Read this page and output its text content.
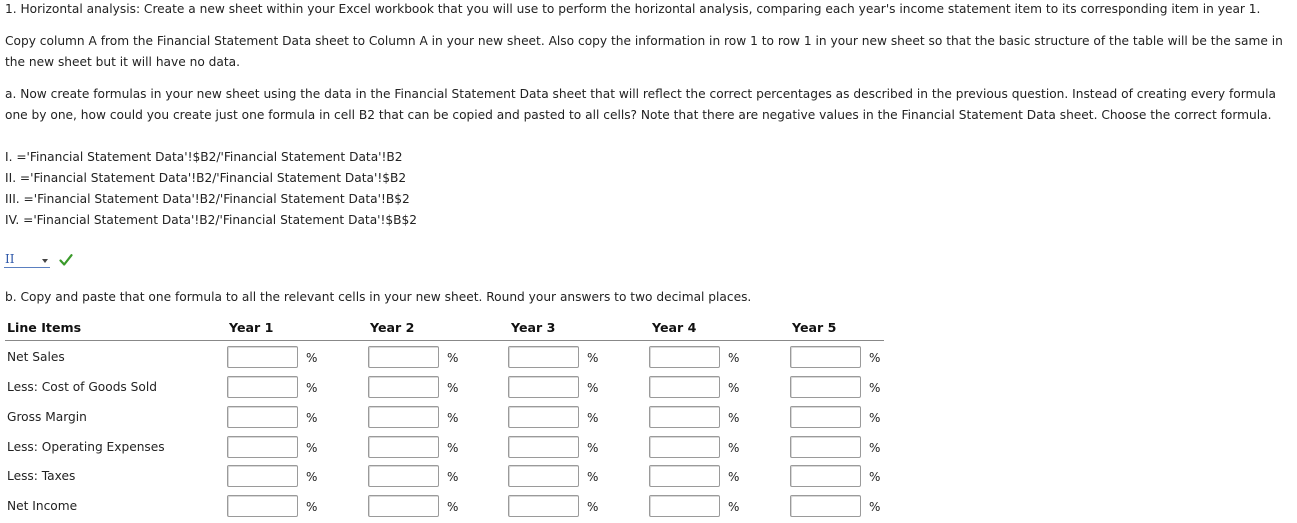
1. Horizontal analysis: Create a new sheet within your Excel workbook that you will use to perform the horizontal analysis, comparing each year's income statement item to its corresponding item in year 1.

Copy column A from the Financial Statement Data sheet to Column A in your new sheet. Also copy the information in row 1 to row 1 in your new sheet so that the basic structure of the table will be the same in the new sheet but it will have no data.

a. Now create formulas in your new sheet using the data in the Financial Statement Data sheet that will reflect the correct percentages as described in the previous question. Instead of creating every formula one by one, how could you create just one formula in cell B2 that can be copied and pasted to all cells? Note that there are negative values in the Financial Statement Data sheet. Choose the correct formula.

I. ='Financial Statement Data'!$B2/'Financial Statement Data'!B2

II. ='Financial Statement Data'!B2/'Financial Statement Data'!$B2

III. ='Financial Statement Data'!B2/'Financial Statement Data'!B$2

IV. ='Financial Statement Data'!B2/'Financial Statement Data'!$B$2

II

b. Copy and paste that one formula to all the relevant cells in your new sheet. Round your answers to two decimal places.

Line Items	Year 1	Year 2	Year 3	Year 4	Year 5
Net Sales	%	%	%	%	%
Less: Cost of Goods Sold	%	%	%	%	%
Gross Margin	%	%	%	%	%
Less: Operating Expenses	%	%	%	%	%
Less: Taxes	%	%	%	%	%
Net Income	%	%	%	%	%
